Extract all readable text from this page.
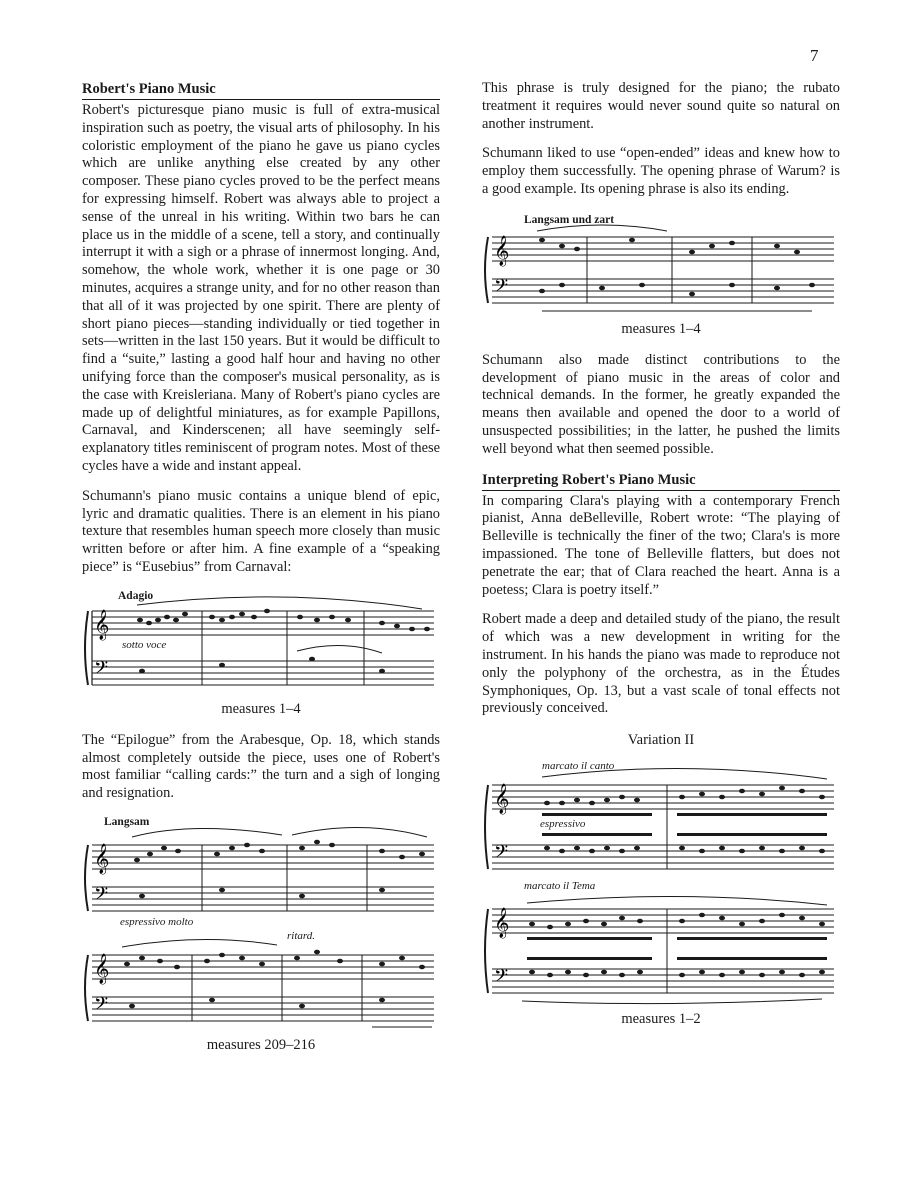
7
Robert's Piano Music

Robert's picturesque piano music is full of extra-musical inspiration such as poetry, the visual arts of philosophy. In his coloristic employment of the piano he gave us piano cycles which are unlike anything else created by any other composer. These piano cycles proved to be the perfect means for expressing himself. Robert was always able to project a sense of the unreal in his writing. Within two bars he can place us in the middle of a scene, tell a story, and continually interrupt it with a sigh or a phrase of innermost longing. And, somehow, the whole work, whether it is one page or 30 minutes, acquires a strange unity, and for no other reason than that all of it was projected by one spirit. There are plenty of short piano pieces—standing individually or tied together in sets—written in the last 150 years. But it would be difficult to find a “suite,” lasting a good half hour and having no other unifying force than the composer's musical personality, as is the case with Kreisleriana. Many of Robert's piano cycles are made up of delightful miniatures, as for example Papillons, Carnaval, and Kinderscenen; all have seemingly self-explanatory titles reminiscent of program notes. Most of these cycles have a wide and instant appeal.

Schumann's piano music contains a unique blend of epic, lyric and dramatic qualities. There is an element in his piano texture that resembles human speech more closely than music written before or after him. A fine example of a “speaking piece” is “Eusebius” from Carnaval:

Adagio
𝄞
𝄢
sotto voce
measures 1–4

The “Epilogue” from the Arabesque, Op. 18, which stands almost completely outside the piece, uses one of Robert's most familiar “calling cards:” the turn and a sigh of longing and resignation.

Langsam
𝄞
𝄢
espressivo molto
ritard.
𝄞
𝄢
measures 209–216

This phrase is truly designed for the piano; the rubato treatment it requires would never sound quite so natural on another instrument.

Schumann liked to use “open-ended” ideas and knew how to employ them successfully. The opening phrase of Warum? is a good example. Its opening phrase is also its ending.

Langsam und zart
𝄞
𝄢
measures 1–4

Schumann also made distinct contributions to the development of piano music in the areas of color and technical demands. In the former, he greatly expanded the means then available and opened the door to a world of unsuspected possibilities; in the latter, he pushed the limits well beyond what then seemed possible.

Interpreting Robert's Piano Music

In comparing Clara's playing with a contemporary French pianist, Anna deBelleville, Robert wrote: “The playing of Belleville is technically the finer of the two; Clara's is more impassioned. The tone of Belleville flatters, but does not penetrate the ear; that of Clara reached the heart. Anna is a poetess; Clara is poetry itself.”

Robert made a deep and detailed study of the piano, the result of which was a new development in writing for the instrument. In his hands the piano was made to reproduce not only the polyphony of the orchestra, as in the Études Symphoniques, Op. 13, but a vast scale of tonal effects not previously conceived.

Variation II
marcato il canto
𝄞
𝄢
espressivo
marcato il Tema
𝄞
𝄢
measures 1–2
